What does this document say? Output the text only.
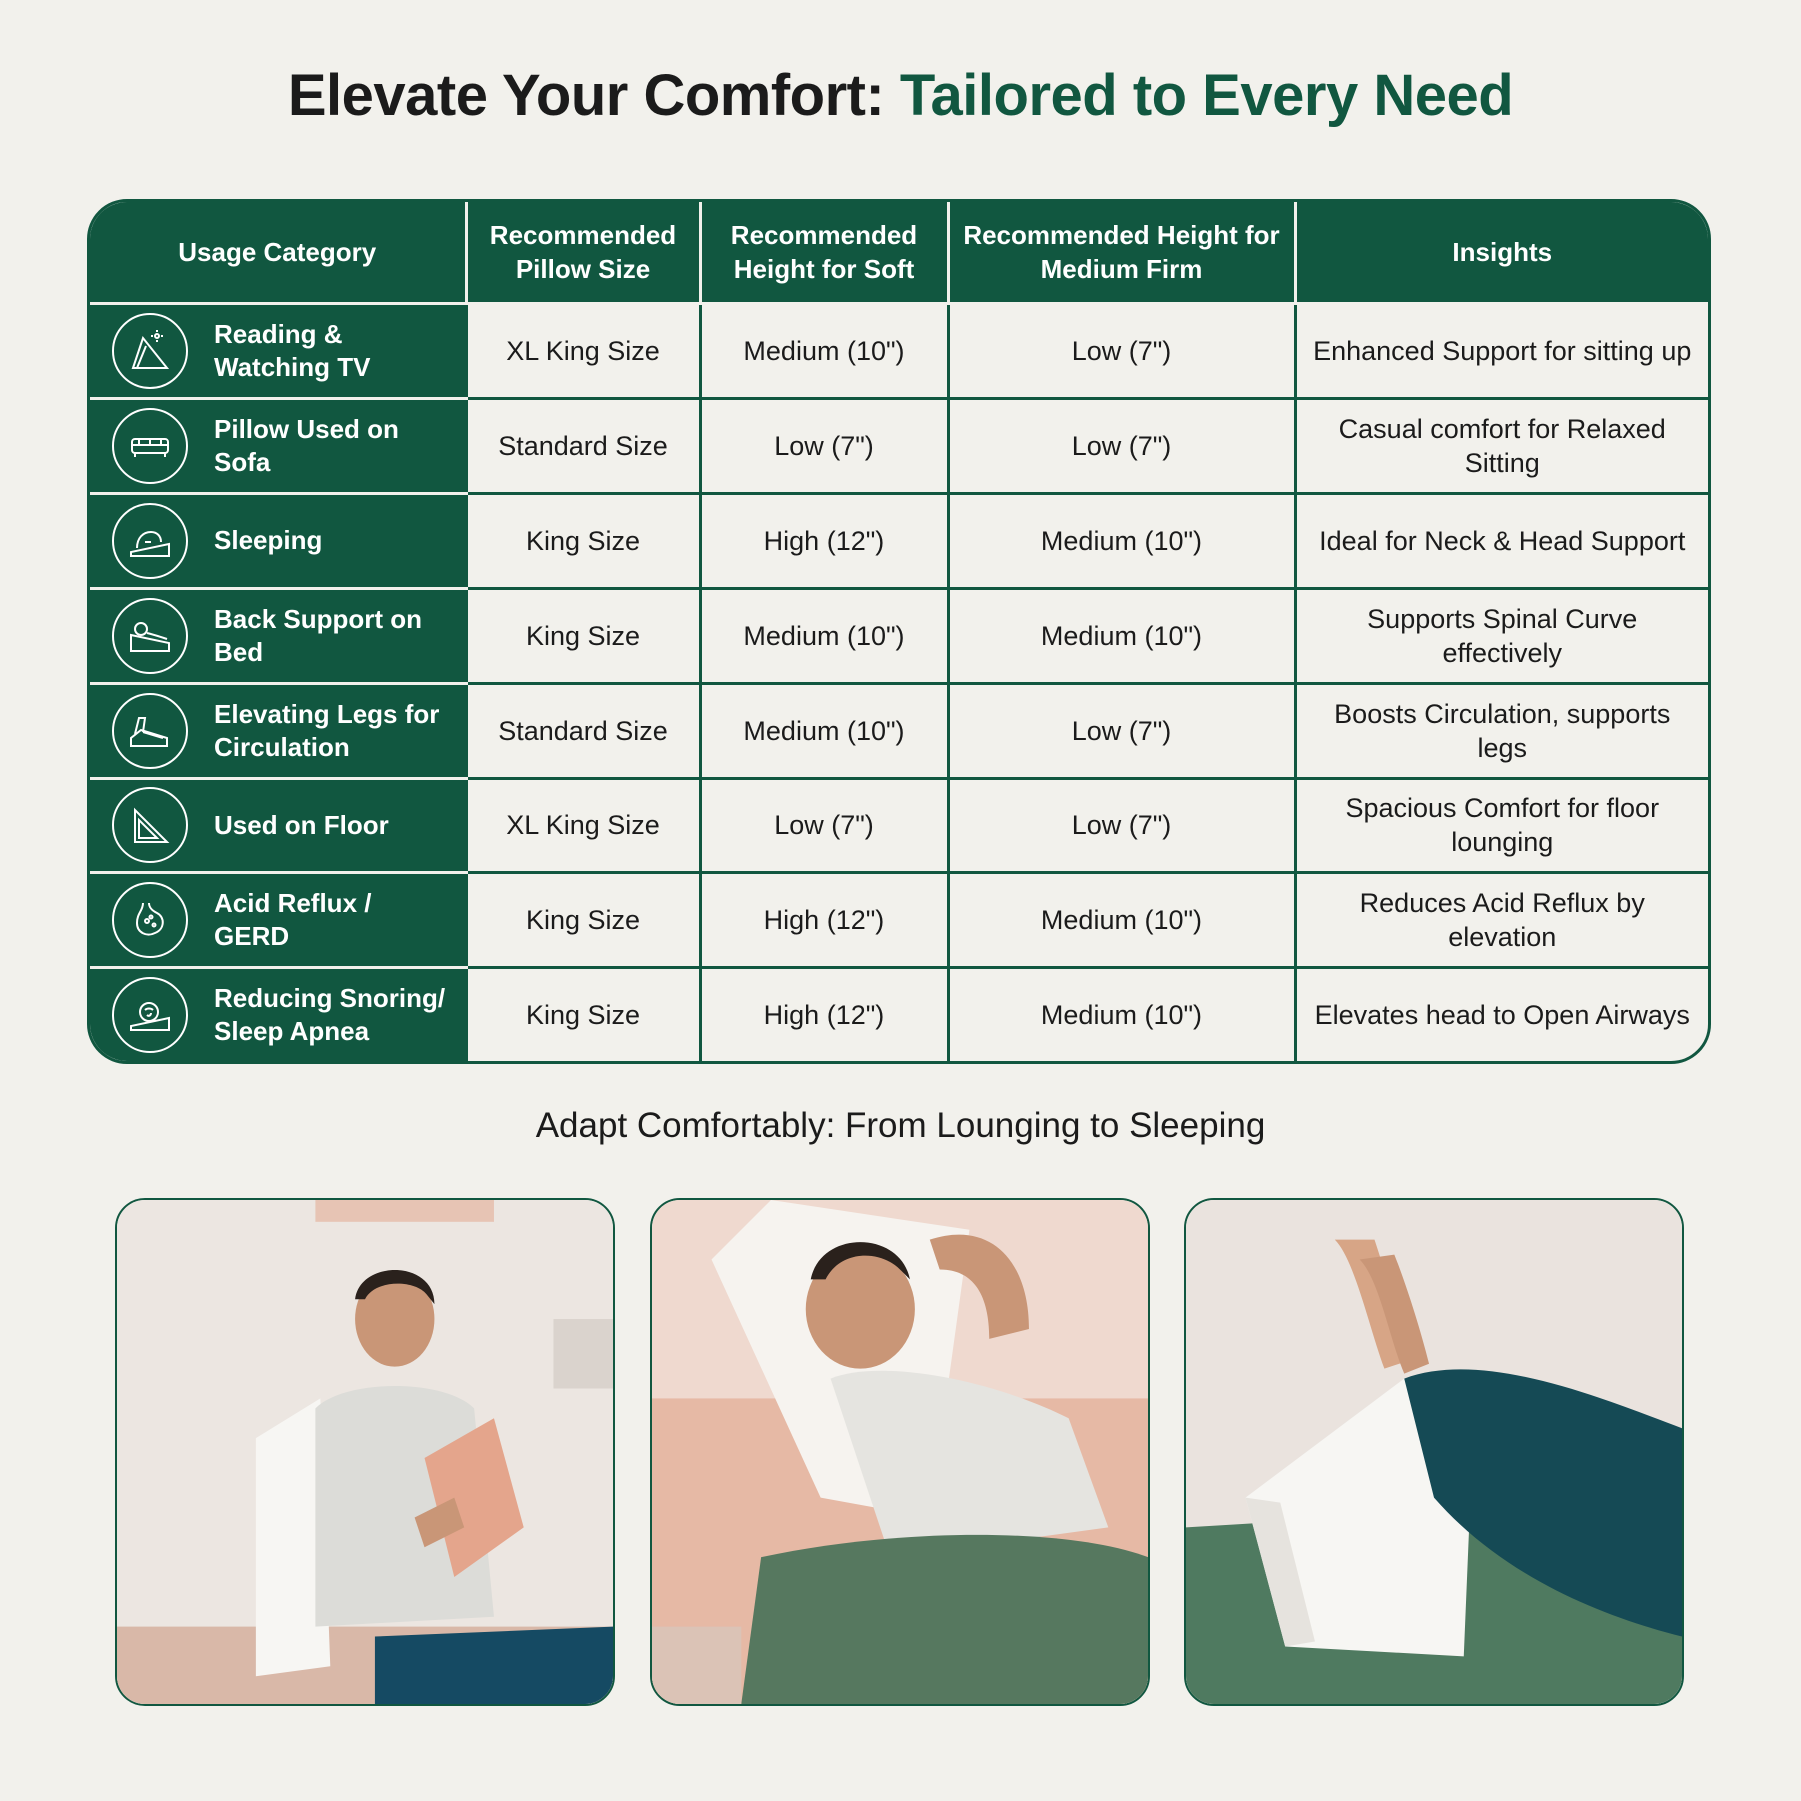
Elevate Your Comfort: Tailored to Every Need
Usage Category	Recommended Pillow Size	Recommended Height for Soft	Recommended Height for Medium Firm	Insights

Reading & Watching TV	XL King Size	Medium (10")	Low (7")	Enhanced Support for sitting up

Pillow Used on Sofa	Standard Size	Low (7")	Low (7")	Casual comfort for Relaxed Sitting

Sleeping	King Size	High (12")	Medium (10")	Ideal for Neck & Head Support

Back Support on Bed	King Size	Medium (10")	Medium (10")	Supports Spinal Curve effectively

Elevating Legs for Circulation	Standard Size	Medium (10")	Low (7")	Boosts Circulation, supports legs

Used on Floor	XL King Size	Low (7")	Low (7")	Spacious Comfort for floor lounging

Acid Reflux / GERD	King Size	High (12")	Medium (10")	Reduces Acid Reflux by elevation

Reducing Snoring/ Sleep Apnea	King Size	High (12")	Medium (10")	Elevates head to Open Airways
Adapt Comfortably: From Lounging to Sleeping
